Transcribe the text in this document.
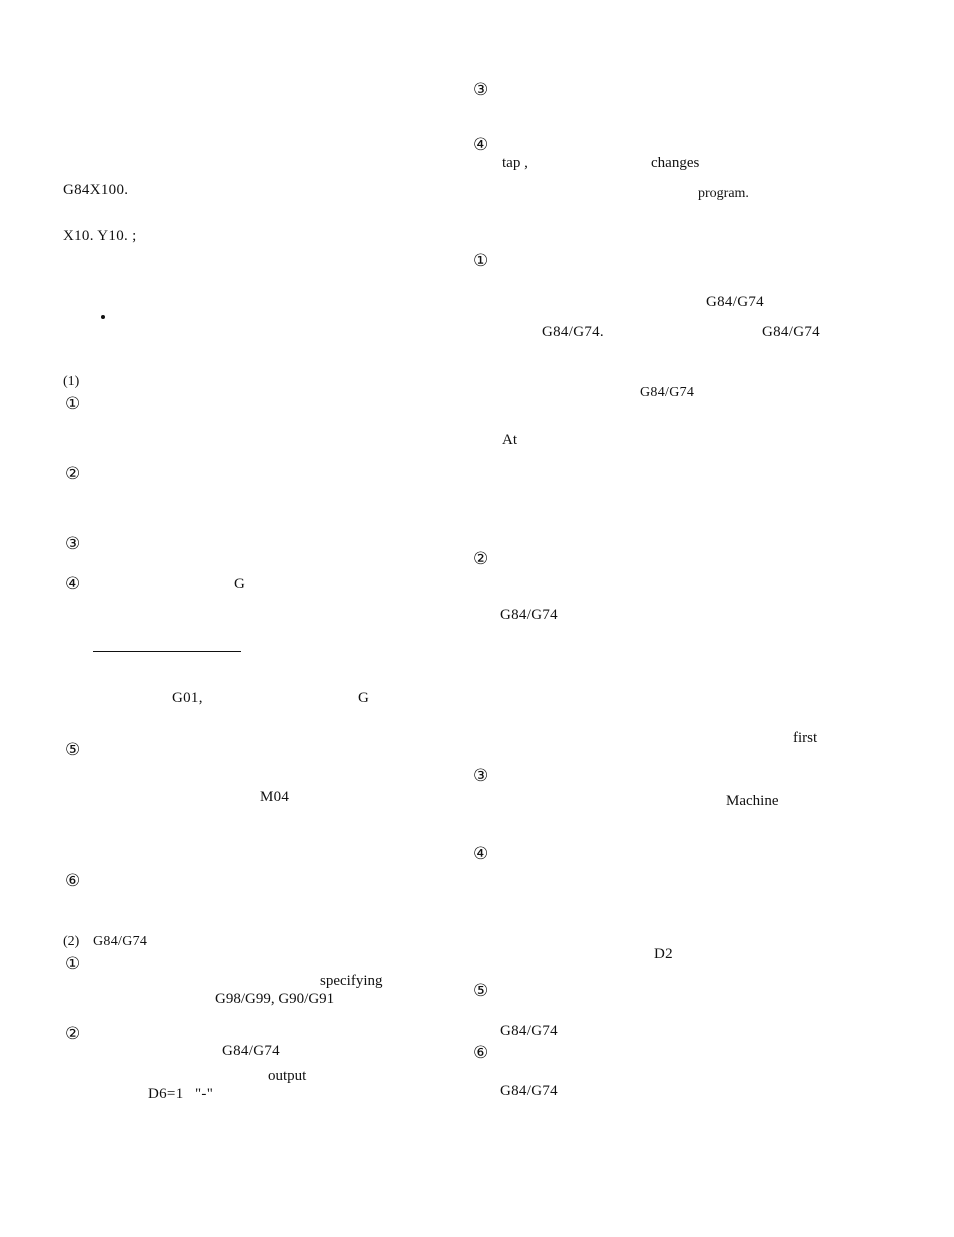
G84X100.
X10. Y10. ;
(1)
①
②
③
④	G
G01,	G
⑤
M04
⑥
(2) G84/G74
①
specifying
G98/G99, G90/G91
②
G84/G74
output
D6=1 "-"
③
④
tap ,	changes
program.
①
G84/G74
G84/G74.	G84/G74
G84/G74
At
②
G84/G74
first
③
Machine
④
D2
⑤
G84/G74
⑥
G84/G74
